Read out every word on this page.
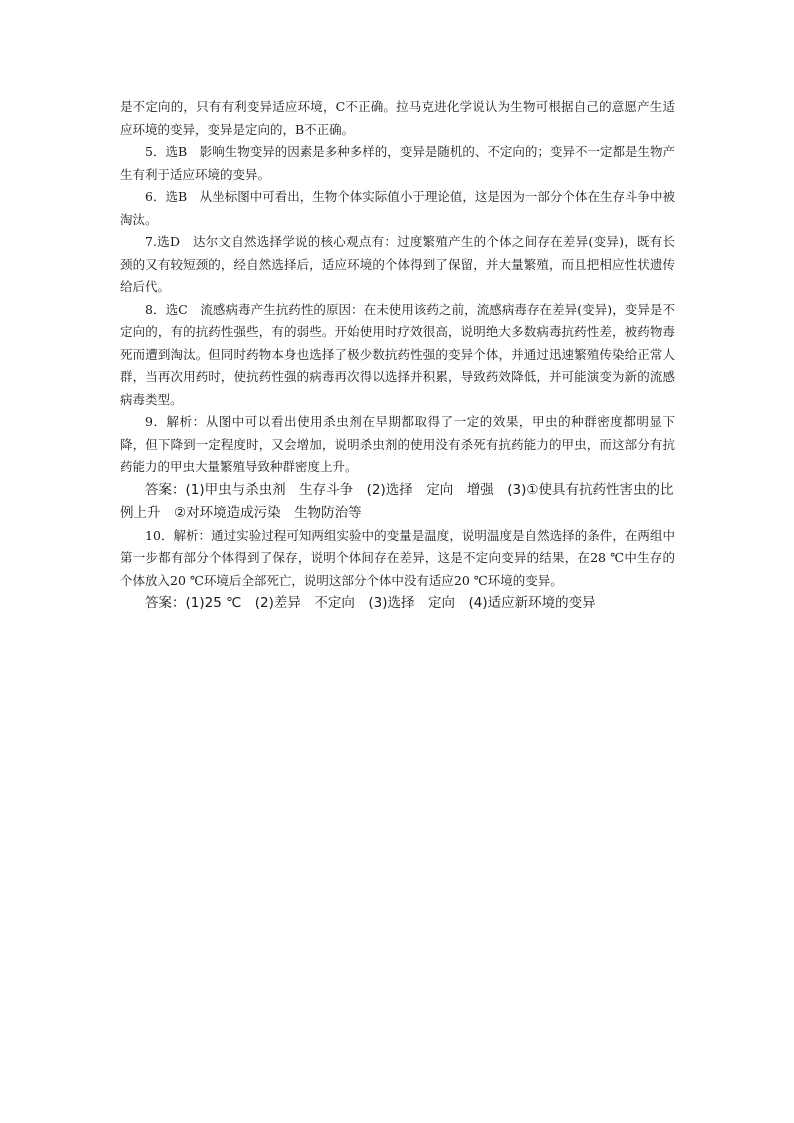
是不定向的，只有有利变异适应环境，C不正确。拉马克进化学说认为生物可根据自己的意愿产生适应环境的变异，变异是定向的，B不正确。

5．选B　影响生物变异的因素是多种多样的，变异是随机的、不定向的；变异不一定都是生物产生有利于适应环境的变异。

6．选B　从坐标图中可看出，生物个体实际值小于理论值，这是因为一部分个体在生存斗争中被淘汰。

7.选D　达尔文自然选择学说的核心观点有：过度繁殖产生的个体之间存在差异(变异)，既有长颈的又有较短颈的，经自然选择后，适应环境的个体得到了保留，并大量繁殖，而且把相应性状遗传给后代。

8．选C　流感病毒产生抗药性的原因：在未使用该药之前，流感病毒存在差异(变异)，变异是不定向的，有的抗药性强些，有的弱些。开始使用时疗效很高，说明绝大多数病毒抗药性差，被药物毒死而遭到淘汰。但同时药物本身也选择了极少数抗药性强的变异个体，并通过迅速繁殖传染给正常人群，当再次用药时，使抗药性强的病毒再次得以选择并积累，导致药效降低，并可能演变为新的流感病毒类型。

9．解析：从图中可以看出使用杀虫剂在早期都取得了一定的效果，甲虫的种群密度都明显下降，但下降到一定程度时，又会增加，说明杀虫剂的使用没有杀死有抗药能力的甲虫，而这部分有抗药能力的甲虫大量繁殖导致种群密度上升。

答案：(1)甲虫与杀虫剂　生存斗争　(2)选择　定向　增强　(3)①使具有抗药性害虫的比例上升　②对环境造成污染　生物防治等

10．解析：通过实验过程可知两组实验中的变量是温度，说明温度是自然选择的条件，在两组中第一步都有部分个体得到了保存，说明个体间存在差异，这是不定向变异的结果，在28 ℃中生存的个体放入20 ℃环境后全部死亡，说明这部分个体中没有适应20 ℃环境的变异。

答案：(1)25 ℃　(2)差异　不定向　(3)选择　定向　(4)适应新环境的变异
